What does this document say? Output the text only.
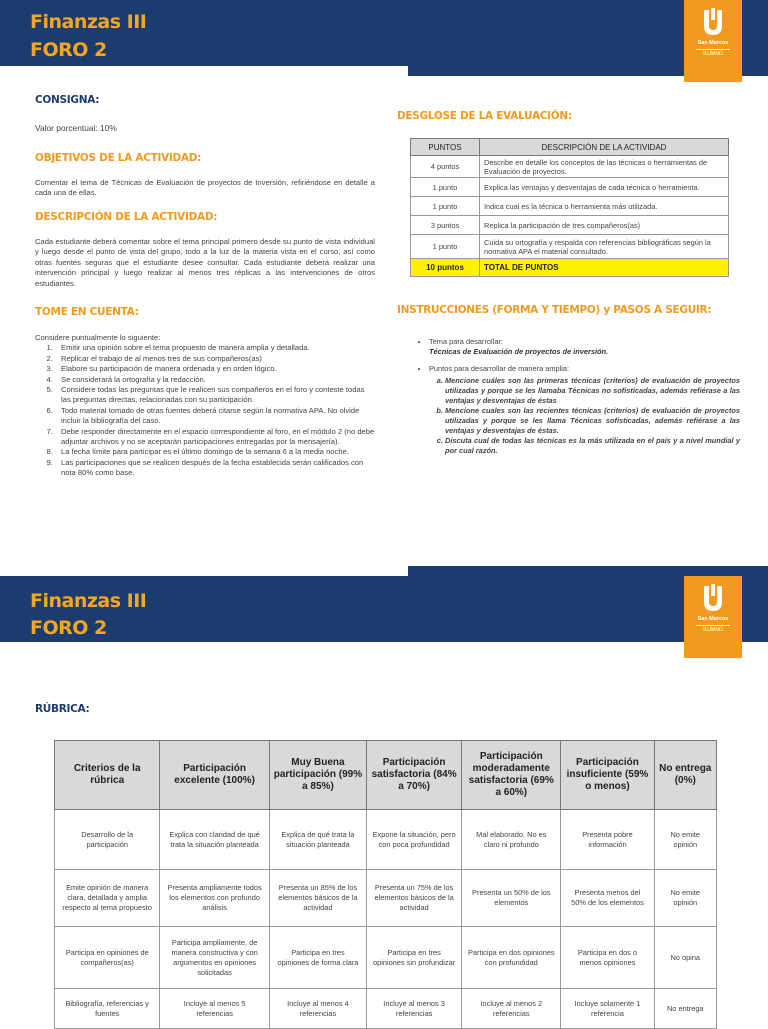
Finanzas III
FORO 2	San Marcos
ILUMNO
CONSIGNA:
Valor porcentual: 10%
OBJETIVOS DE LA ACTIVIDAD:
Comentar el tema de Técnicas de Evaluación de proyectos de Inversión, refiriéndose en detalle a cada una de ellas.
DESCRIPCIÓN DE LA ACTIVIDAD:
Cada estudiante deberá comentar sobre el tema principal primero desde su punto de vista individual y luego desde el punto de vista del grupo, todo a la luz de la materia vista en el curso, así como otras fuentes seguras que el estudiante desee consultar. Cada estudiante deberá realizar una intervención principal y luego realizar al menos tres réplicas a las intervenciones de otros estudiantes.
TOME EN CUENTA:
Considere puntualmente lo siguiente:
1. Emitir una opinión sobre el tema propuesto de manera amplia y detallada.
2. Replicar el trabajo de al menos tres de sus compañeros(as)
3. Elabore su participación de manera ordenada y en orden lógico.
4. Se considerará la ortografía y la redacción.
5. Considere todas las preguntas que le realicen sus compañeros en el foro y conteste todas las preguntas directas, relacionadas con su participación.
6. Todo material tomado de otras fuentes deberá citarse según la normativa APA. No olvide incluir la bibliografía del caso.
7. Debe responder directamente en el espacio correspondiente al foro, en el módulo 2 (no debe adjuntar archivos y no se aceptarán participaciones entregadas por la mensajería).
8. La fecha límite para participar es el último domingo de la semana 6 a la media noche.
9. Las participaciones que se realicen después de la fecha establecida serán calificados con nota 80% como base.
DESGLOSE DE LA EVALUACIÓN:
PUNTOS	DESCRIPCIÓN DE LA ACTIVIDAD
4 puntos	Describe en detalle los conceptos de las técnicas o herramientas de Evaluación de proyectos.
1 punto	Explica las ventajas y desventajas de cada técnica o herramienta.
1 punto	Indica cual es la técnica o herramienta más utilizada.
3 puntos	Replica la participación de tres compañeros(as)
1 punto	Cuida su ortografía y respalda con referencias bibliográficas según la normativa APA el material consultado.
10 puntos	TOTAL DE PUNTOS
INSTRUCCIONES (FORMA Y TIEMPO) y PASOS A SEGUIR:
• Tema para desarrollar:
Técnicas de Evaluación de proyectos de inversión.
• Puntos para desarrollar de manera amplia:
a. Mencione cuáles son las primeras técnicas (criterios) de evaluación de proyectos utilizadas y porque se les llamaba Técnicas no sofisticadas, además refiérase a las ventajas y desventajas de éstas
b. Mencione cuales son las recientes técnicas (criterios) de evaluación de proyectos utilizadas y porque se les llama Técnicas sofisticadas, además refiérase a las ventajas y desventajas de éstas.
c. Discuta cual de todas las técnicas es la más utilizada en el país y a nivel mundial y por cual razón.
Finanzas III
FORO 2	San Marcos
ILUMNO
RÚBRICA:
Criterios de la rúbrica	Participación excelente (100%)	Muy Buena participación (99% a 85%)	Participación satisfactoria (84% a 70%)	Participación moderadamente satisfactoria (69% a 60%)	Participación insuficiente (59% o menos)	No entrega (0%)
Desarrollo de la participación	Explica con claridad de qué trata la situación planteada	Explica de qué trata la situación planteada	Expone la situación, pero con poca profundidad	Mal elaborado. No es claro ni profundo	Presenta pobre información	No emite opinión
Emite opinión de manera clara, detallada y amplia respecto al tema propuesto	Presenta ampliamente todos los elementos con profundo análisis	Presenta un 85% de los elementos básicos de la actividad	Presenta un 75% de los elementos básicos de la actividad	Presenta un 50% de los elementos	Presenta menos del 50% de los elementos	No emite opinión
Participa en opiniones de compañeros(as)	Participa ampliamente, de manera constructiva y con argumentos en opiniones solicitadas	Participa en tres opiniones de forma clara	Participa en tres opiniones sin profundizar	Participa en dos opiniones con profundidad	Participa en dos o menos opiniones	No opina
Bibliografía, referencias y fuentes	Incluye al menos 5 referencias	Incluye al menos 4 referencias	Incluye al menos 3 referencias	Incluye al menos 2 referencias	Incluye solamente 1 referencia	No entrega
